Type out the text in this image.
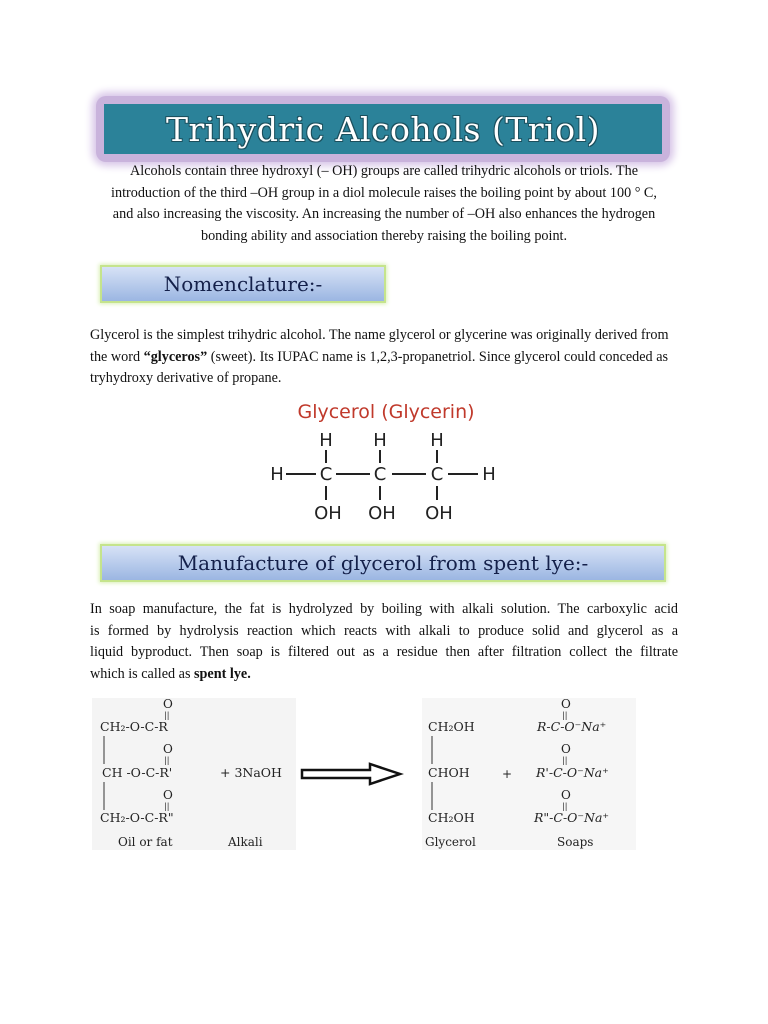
Trihydric Alcohols (Triol)
Alcohols contain three hydroxyl (– OH) groups are called trihydric alcohols or triols. The
introduction of the third –OH group in a diol molecule raises the boiling point by about 100 ° C,
and also increasing the viscosity. An increasing the number of –OH also enhances the hydrogen
bonding ability and association thereby raising the boiling point.
Nomenclature:-
Glycerol is the simplest trihydric alcohol. The name glycerol or glycerine was originally derived from the word “glyceros” (sweet). Its IUPAC name is 1,2,3-propanetriol. Since glycerol could conceded as tryhydroxy derivative of propane.
Glycerol (Glycerin)
H H H
H C C C H
OH OH OH
Manufacture of glycerol from spent lye:-
In soap manufacture, the fat is hydrolyzed by boiling with alkali solution. The carboxylic acid
is formed by hydrolysis reaction which reacts with alkali to produce solid and glycerol as a
liquid byproduct. Then soap is filtered out as a residue then after filtration collect the filtrate
which is called as spent lye.
O
||
CH₂-O-C-R
O
||
CH -O-C-R'	+ 3NaOH
O
||
CH₂-O-C-R"
Oil or fat	Alkali
CH₂OH
CHOH
CH₂OH
Glycerol
+
O
||
R-C-O⁻Na⁺
O
||
R'-C-O⁻Na⁺
O
||
R"-C-O⁻Na⁺
Soaps
